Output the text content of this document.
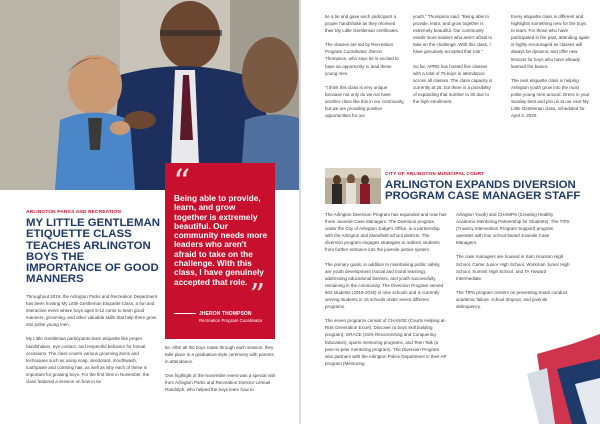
“
Being able to provide, learn, and grow together is extremely beautiful. Our community needs more leaders who aren't afraid to take on the challenge. With this class, I have genuinely accepted that role. ”
JHERON THOMPSON
Recreation Program Coordinator
ARLINGTON PARKS AND RECREATION
MY LITTLE GENTLEMAN ETIQUETTE CLASS TEACHES ARLINGTON BOYS THE IMPORTANCE OF GOOD MANNERS

Throughout 2019, the Arlington Parks and Recreation Department has been hosting My Little Gentleman Etiquette Class, a fun and interactive event where boys ages 5-12 come to learn good manners, grooming, and other valuable skills that help them grow into polite young men.

My Little Gentleman participants learn etiquette like proper handshakes, eye contact, and respectful behavior for formal occasions. The class covers various grooming items and techniques such as using soap, deodorant, mouthwash, toothpaste and combing hair, as well as why each of these is important for growing boys. For the first time in November, the class featured a session on how to tie

tie. After all the boys rotate through each session, they take place in a graduation-style ceremony with parents in attendance.

One highlight of the November event was a special visit from Arlington Parks and Recreation Director Lemuel Randolph, who helped the boys learn how to

tie a tie and gave each participant a proper handshake as they received their My Little Gentleman certificates.

The classes are led by Recreation Program Coordinator Jheron Thompson, who says he is excited to have an opportunity to lead these young men.

“I think this class is very unique because not only do we not have another class like this in our community, but we are providing positive opportunities for our

youth,” Thompson said. “Being able to provide, learn, and grow together is extremely beautiful. Our community needs more leaders who aren't afraid to take on the challenge. With this class, I have genuinely accepted that role.”

So far, APRD has hosted five classes with a total of 75 boys in attendance across all classes. The class capacity is currently at 25, but there is a possibility of expanding that number to 30 due to the high enrollment.

Every etiquette class is different and highlights something new for the boys to learn. For those who have participated in the past, attending again is highly encouraged as classes will always be dynamic and offer new lessons for boys who have already learned the basics.

The next etiquette class is helping Arlington youth grow into the most polite young men around. Dress in your Sunday best and join us at our next My Little Gentleman class, scheduled for April 4, 2020.

CITY OF ARLINGTON MUNICIPAL COURT
ARLINGTON EXPANDS DIVERSION PROGRAM CASE MANAGER STAFF

The Arlington Diversion Program has expanded and now has three Juvenile Case Managers. The Diversion program, under the City of Arlington Judge's Office, is a partnership with the Arlington and Mansfield school districts. The diversion program engages strategies to redirect students from further entrance into the juvenile justice system.

The primary goals, in addition to maintaining public safety, are youth development (social and moral learning), addressing educational barriers, and youth successfully remaining in the community. The Diversion Program served 603 students (2019-2019) in nine schools and is currently serving students in 15 schools under seven different programs.

The seven programs consist of CHANGE (Courts Helping at-Risk Generation Excel), Discover (a boys skill building program), GRACE (Girls Reconnecting and Conquering Education), sports mentoring programs, and Teen Talk (a peer-to-peer mentoring program). The Diversion Program also partners with the Arlington Police Department in their AP program (Mentoring

Arlington Youth) and CHAMPS (Creating Healthy Academic Mentoring Partnership for Students). The TIPS (Truancy Intervention Program Support) program operates with four school-based Juvenile Case Managers.

The case managers are housed in Sam Houston High School, Carter Junior High School, Workman Junior High School, Summit High School, and TA Howard Intermediate.

The TIPS program centers on preventing truant conduct, academic failure, school dropout, and juvenile delinquency.
